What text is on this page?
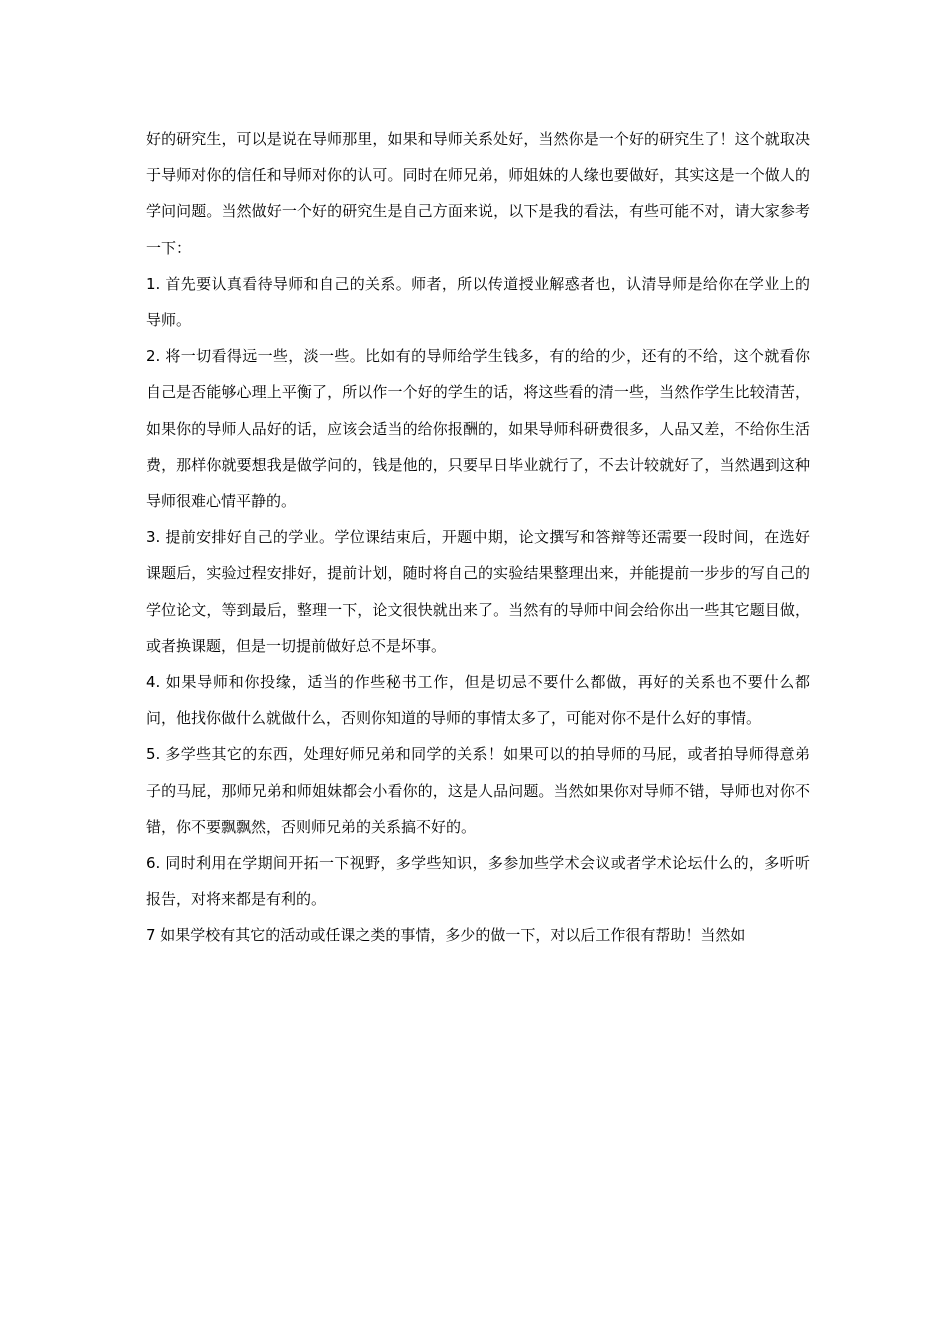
好的研究生，可以是说在导师那里，如果和导师关系处好，当然你是一个好的研究生了！这个就取决于导师对你的信任和导师对你的认可。同时在师兄弟，师姐妹的人缘也要做好，其实这是一个做人的学问问题。当然做好一个好的研究生是自己方面来说，以下是我的看法，有些可能不对，请大家参考一下：

1. 首先要认真看待导师和自己的关系。师者，所以传道授业解惑者也，认清导师是给你在学业上的导师。

2. 将一切看得远一些，淡一些。比如有的导师给学生钱多，有的给的少，还有的不给，这个就看你自己是否能够心理上平衡了，所以作一个好的学生的话，将这些看的清一些，当然作学生比较清苦，如果你的导师人品好的话，应该会适当的给你报酬的，如果导师科研费很多，人品又差，不给你生活费，那样你就要想我是做学问的，钱是他的，只要早日毕业就行了，不去计较就好了，当然遇到这种导师很难心情平静的。

3. 提前安排好自己的学业。学位课结束后，开题中期，论文撰写和答辩等还需要一段时间，在选好课题后，实验过程安排好，提前计划，随时将自己的实验结果整理出来，并能提前一步步的写自己的学位论文，等到最后，整理一下，论文很快就出来了。当然有的导师中间会给你出一些其它题目做，或者换课题，但是一切提前做好总不是坏事。

4. 如果导师和你投缘，适当的作些秘书工作，但是切忌不要什么都做，再好的关系也不要什么都问，他找你做什么就做什么，否则你知道的导师的事情太多了，可能对你不是什么好的事情。

5. 多学些其它的东西，处理好师兄弟和同学的关系！如果可以的拍导师的马屁，或者拍导师得意弟子的马屁，那师兄弟和师姐妹都会小看你的，这是人品问题。当然如果你对导师不错，导师也对你不错，你不要飘飘然，否则师兄弟的关系搞不好的。

6. 同时利用在学期间开拓一下视野，多学些知识，多参加些学术会议或者学术论坛什么的，多听听报告，对将来都是有利的。

7 如果学校有其它的活动或任课之类的事情，多少的做一下，对以后工作很有帮助！当然如
